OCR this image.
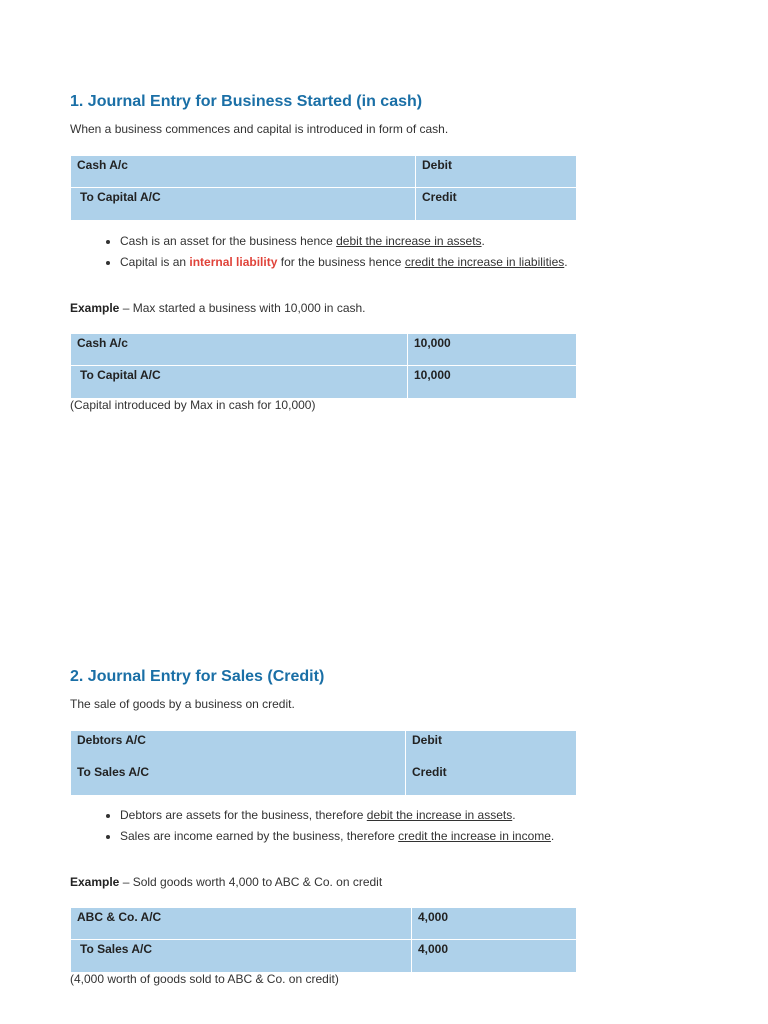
1. Journal Entry for Business Started (in cash)

When a business commences and capital is introduced in form of cash.

Cash A/c	Debit
To Capital A/C	Credit
• Cash is an asset for the business hence debit the increase in assets.
• Capital is an internal liability for the business hence credit the increase in liabilities.

Example – Max started a business with 10,000 in cash.

Cash A/c	10,000
To Capital A/C	10,000

(Capital introduced by Max in cash for 10,000)

2. Journal Entry for Sales (Credit)

The sale of goods by a business on credit.

Debtors A/C	Debit
To Sales A/C	Credit
• Debtors are assets for the business, therefore debit the increase in assets.
• Sales are income earned by the business, therefore credit the increase in income.

Example – Sold goods worth 4,000 to ABC & Co. on credit

ABC & Co. A/C	4,000
To Sales A/C	4,000

(4,000 worth of goods sold to ABC & Co. on credit)
